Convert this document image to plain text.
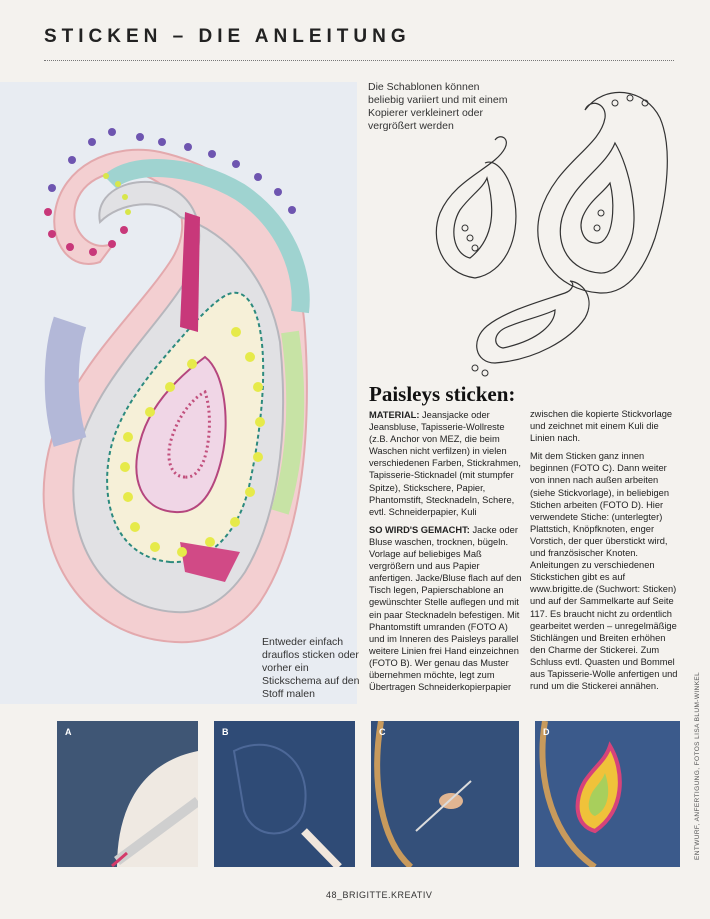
STICKEN – DIE ANLEITUNG
Entweder einfach drauflos sticken oder vorher ein Stickschema auf den Stoff malen
Die Schablonen können beliebig variiert und mit einem Kopierer verkleinert oder vergrößert werden
Paisleys sticken:

MATERIAL: Jeansjacke oder Jeansbluse, Tapisserie-Wollreste (z.B. Anchor von MEZ, die beim Waschen nicht verfilzen) in vielen verschiedenen Farben, Stickrahmen, Tapisserie-Sticknadel (mit stumpfer Spitze), Stickschere, Papier, Phantomstift, Stecknadeln, Schere, evtl. Schneiderpapier, Kuli

SO WIRD'S GEMACHT: Jacke oder Bluse waschen, trocknen, bügeln. Vorlage auf beliebiges Maß vergrößern und aus Papier anfertigen. Jacke/Bluse flach auf den Tisch legen, Papierschablone an gewünschter Stelle auflegen und mit ein paar Stecknadeln befestigen. Mit Phantomstift umranden (FOTO A) und im Inneren des Paisleys parallel weitere Linien frei Hand einzeichnen (FOTO B). Wer genau das Muster übernehmen möchte, legt zum Übertragen Schneiderkopierpapier

zwischen die kopierte Stickvorlage und zeichnet mit einem Kuli die Linien nach.

Mit dem Sticken ganz innen beginnen (FOTO C). Dann weiter von innen nach außen arbeiten (siehe Stickvorlage), in beliebigen Stichen arbeiten (FOTO D). Hier verwendete Stiche: (unterlegter) Plattstich, Knöpfknoten, enger Vorstich, der quer überstickt wird, und französischer Knoten. Anleitungen zu verschiedenen Stickstichen gibt es auf www.brigitte.de (Suchwort: Sticken) und auf der Sammelkarte auf Seite 117. Es braucht nicht zu ordentlich gearbeitet werden – unregelmäßige Stichlängen und Breiten erhöhen den Charme der Stickerei. Zum Schluss evtl. Quasten und Bommel aus Tapisserie-Wolle anfertigen und rund um die Stickerei annähen.

A	B	C	D	ENTWURF, ANFERTIGUNG, FOTOS LISA BLUM-WINKEL
48_BRIGITTE.KREATIV
